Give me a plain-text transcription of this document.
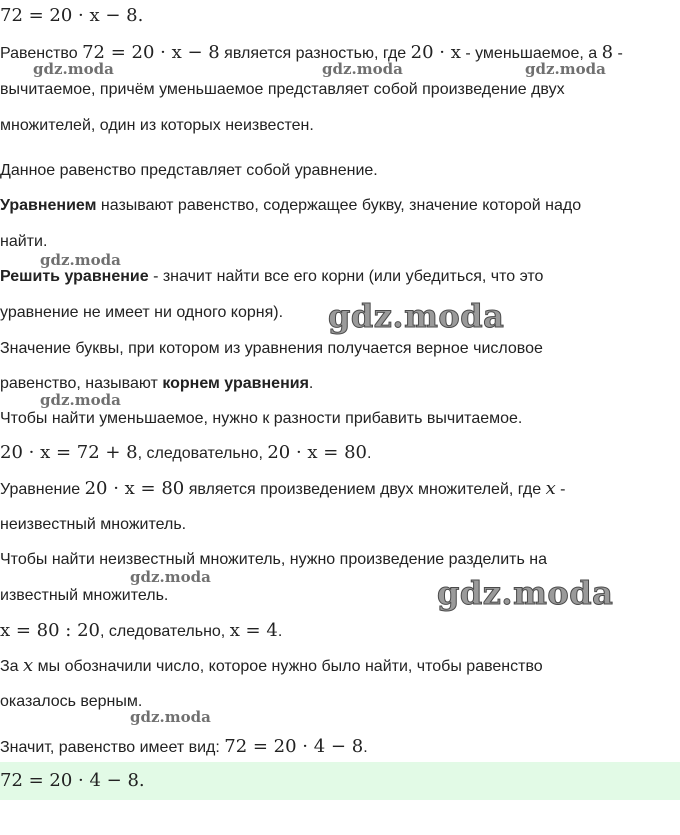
72 = 20 · x − 8.
Равенство 72 = 20 · x − 8 является разностью, где 20 · x - уменьшаемое, а 8 -
вычитаемое, причём уменьшаемое представляет собой произведение двух
множителей, один из которых неизвестен.
Данное равенство представляет собой уравнение.
Уравнением называют равенство, содержащее букву, значение которой надо
найти.
Решить уравнение - значит найти все его корни (или убедиться, что это
уравнение не имеет ни одного корня).
Значение буквы, при котором из уравнения получается верное числовое
равенство, называют корнем уравнения.
Чтобы найти уменьшаемое, нужно к разности прибавить вычитаемое.
20 · x = 72 + 8, следовательно, 20 · x = 80.
Уравнение 20 · x = 80 является произведением двух множителей, где x -
неизвестный множитель.
Чтобы найти неизвестный множитель, нужно произведение разделить на
известный множитель.
x = 80 : 20, следовательно, x = 4.
За x мы обозначили число, которое нужно было найти, чтобы равенство
оказалось верным.
Значит, равенство имеет вид: 72 = 20 · 4 − 8.
72 = 20 · 4 − 8.
gdz.moda	gdz.moda	gdz.moda
gdz.moda
gdz.moda
gdz.moda
gdz.moda	gdz.moda
gdz.moda
